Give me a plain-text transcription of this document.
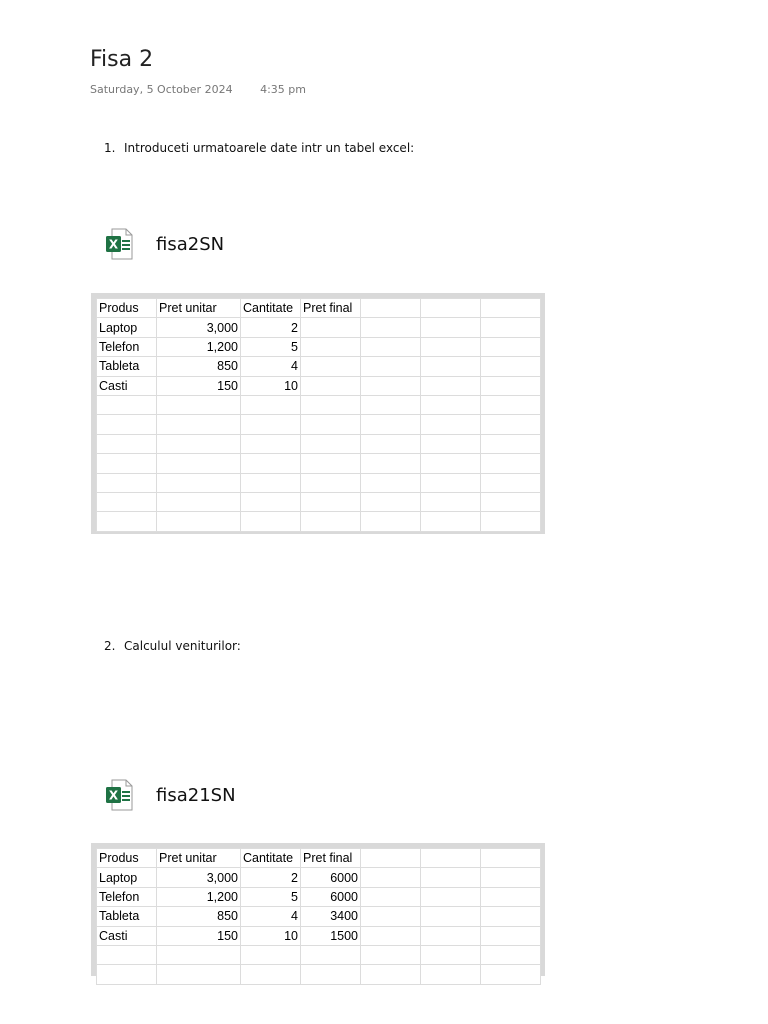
Fisa 2
Saturday, 5 October 2024	4:35 pm
1. Introduceti urmatoarele date intr un tabel excel:
X fisa2SN
Produs	Pret unitar	Cantitate	Pret final			
Laptop	3,000	2				
Telefon	1,200	5				
Tableta	850	4				
Casti	150	10				

2. Calculul veniturilor:
X fisa21SN
Produs	Pret unitar	Cantitate	Pret final			
Laptop	3,000	2	6000			
Telefon	1,200	5	6000			
Tableta	850	4	3400			
Casti	150	10	1500			
